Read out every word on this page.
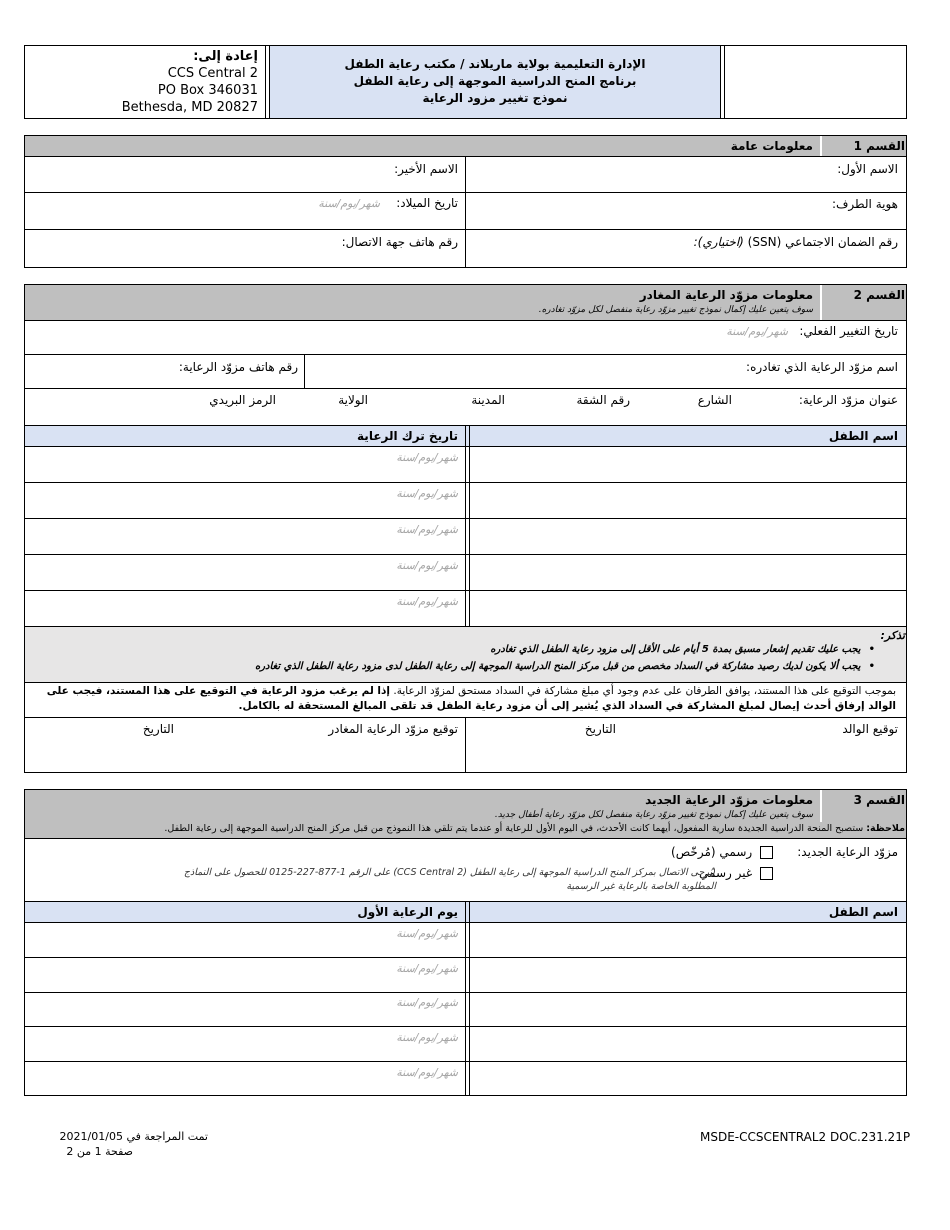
إعادة إلى:
CCS Central 2
PO Box 346031
Bethesda, MD 20827
الإدارة التعليمية بولاية ماريلاند / مكتب رعاية الطفل
برنامج المنح الدراسية الموجهة إلى رعاية الطفل
نموذج تغيير مزود الرعاية
القسم 1
معلومات عامة
الاسم الأول:
الاسم الأخير:
هوية الطرف:
تاريخ الميلاد:
شهر/يوم/سنة
رقم الضمان الاجتماعي (SSN) (اختياري):
رقم هاتف جهة الاتصال:
القسم 2
معلومات مزوّد الرعاية المغادر
سوف يتعين عليك إكمال نموذج تغيير مزوّد رعاية منفصل لكل مزوّد تغادره.
تاريخ التغيير الفعلي:
شهر/يوم/سنة
اسم مزوّد الرعاية الذي تغادره:
رقم هاتف مزوّد الرعاية:
عنوان مزوّد الرعاية:
الشارع
رقم الشقة
المدينة
الولاية
الرمز البريدي
اسم الطفل
تاريخ ترك الرعاية
شهر/يوم/سنة
شهر/يوم/سنة
شهر/يوم/سنة
شهر/يوم/سنة
شهر/يوم/سنة
تذكر:
•يجب عليك تقديم إشعار مسبق بمدة 5 أيام على الأقل إلى مزود رعاية الطفل الذي تغادره
•يجب ألا يكون لديك رصيد مشاركة في السداد مخصص من قبل مركز المنح الدراسية الموجهة إلى رعاية الطفل لدى مزود رعاية الطفل الذي تغادره
بموجب التوقيع على هذا المستند، يوافق الطرفان على عدم وجود أي مبلغ مشاركة في السداد مستحق لمزوّد الرعاية. إذا لم يرغب مزود الرعاية في التوقيع على هذا المستند، فيجب على الوالد إرفاق أحدث إيصال لمبلغ المشاركة في السداد الذي يُشير إلى أن مزود رعاية الطفل قد تلقى المبالغ المستحقة له بالكامل.
توقيع الوالد
التاريخ
توقيع مزوّد الرعاية المغادر
التاريخ
القسم 3
معلومات مزوّد الرعاية الجديد
سوف يتعين عليك إكمال نموذج تغيير مزوّد رعاية منفصل لكل مزوّد رعاية أطفال جديد.
ملاحظة: ستصبح المنحة الدراسية الجديدة سارية المفعول، أيهما كانت الأحدث، في اليوم الأول للرعاية أو عندما يتم تلقي هذا النموذج من قبل مركز المنح الدراسية الموجهة إلى رعاية الطفل.
مزوّد الرعاية الجديد:
رسمي (مُرخّص)
غير رسمي
(يُرجى الاتصال بمركز المنح الدراسية الموجهة إلى رعاية الطفل (CCS Central 2) على الرقم 1-877-227-0125 للحصول على النماذج المطلوبة الخاصة بالرعاية غير الرسمية
اسم الطفل
يوم الرعاية الأول
شهر/يوم/سنة
شهر/يوم/سنة
شهر/يوم/سنة
شهر/يوم/سنة
شهر/يوم/سنة
MSDE-CCSCENTRAL2 DOC.231.21P
تمت المراجعة في 2021/01/05
صفحة 1 من 2
